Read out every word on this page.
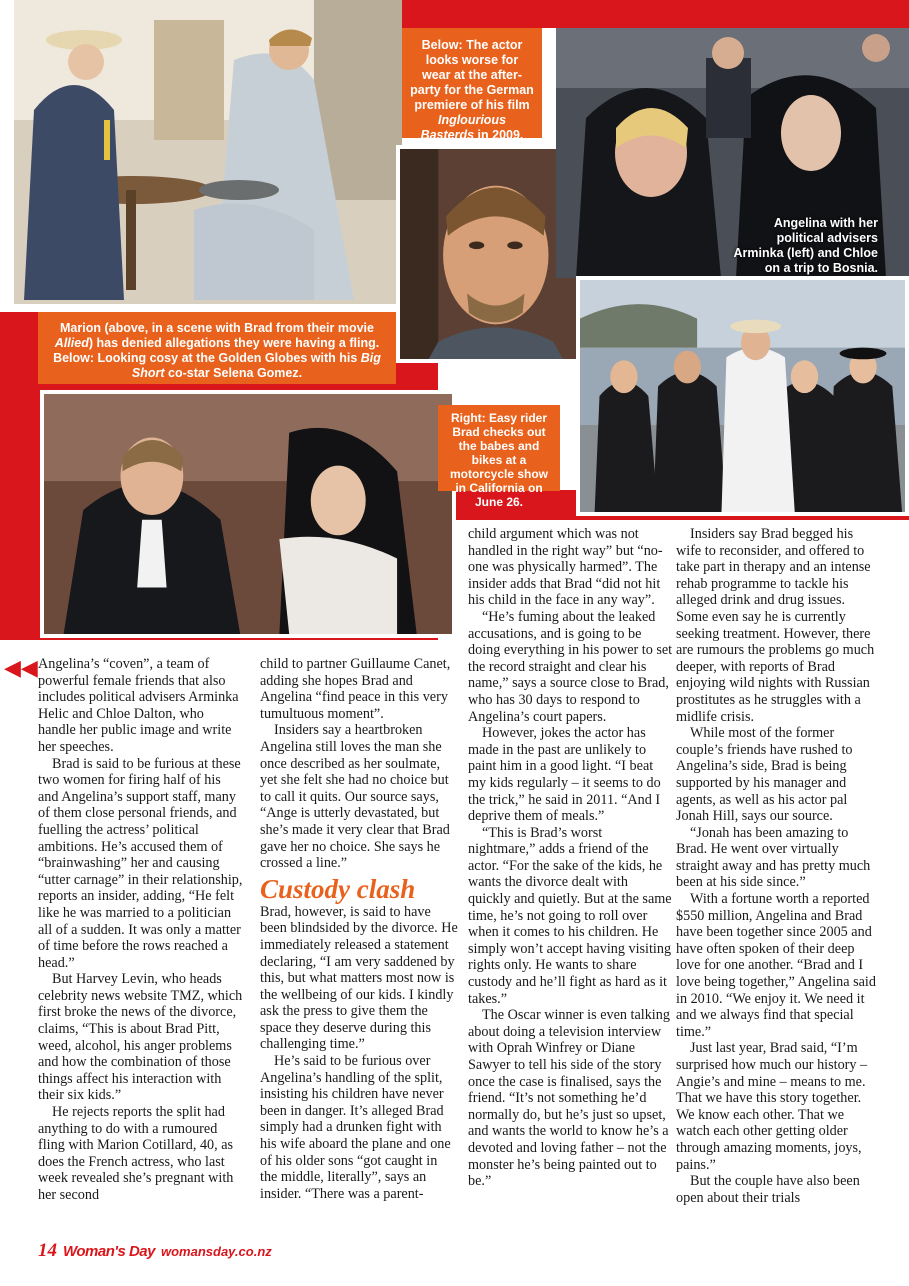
Below: The actor looks worse for wear at the after-party for the German premiere of his film Inglourious Basterds in 2009.
Angelina with her political advisers Arminka (left) and Chloe on a trip to Bosnia.
Marion (above, in a scene with Brad from their movie Allied) has denied allegations they were having a fling. Below: Looking cosy at the Golden Globes with his Big Short co-star Selena Gomez.
Right: Easy rider Brad checks out the babes and bikes at a motorcycle show in California on June 26.
◀◀ Angelina’s “coven”, a team of powerful female friends that also includes political advisers Arminka Helic and Chloe Dalton, who handle her public image and write her speeches.

Brad is said to be furious at these two women for firing half of his and Angelina’s support staff, many of them close personal friends, and fuelling the actress’ political ambitions. He’s accused them of “brainwashing” her and causing “utter carnage” in their relationship, reports an insider, adding, “He felt like he was married to a politician all of a sudden. It was only a matter of time before the rows reached a head.”

But Harvey Levin, who heads celebrity news website TMZ, which first broke the news of the divorce, claims, “This is about Brad Pitt, weed, alcohol, his anger problems and how the combination of those things affect his interaction with their six kids.”

He rejects reports the split had anything to do with a rumoured fling with Marion Cotillard, 40, as does the French actress, who last week revealed she’s pregnant with her second

child to partner Guillaume Canet, adding she hopes Brad and Angelina “find peace in this very tumultuous moment”.

Insiders say a heartbroken Angelina still loves the man she once described as her soulmate, yet she felt she had no choice but to call it quits. Our source says, “Ange is utterly devastated, but she’s made it very clear that Brad gave her no choice. She says he crossed a line.”

Custody clash

Brad, however, is said to have been blindsided by the divorce. He immediately released a statement declaring, “I am very saddened by this, but what matters most now is the wellbeing of our kids. I kindly ask the press to give them the space they deserve during this challenging time.”

He’s said to be furious over Angelina’s handling of the split, insisting his children have never been in danger. It’s alleged Brad simply had a drunken fight with his wife aboard the plane and one of his older sons “got caught in the middle, literally”, says an insider. “There was a parent-

child argument which was not handled in the right way” but “no-one was physically harmed”. The insider adds that Brad “did not hit his child in the face in any way”.

“He’s fuming about the leaked accusations, and is going to be doing everything in his power to set the record straight and clear his name,” says a source close to Brad, who has 30 days to respond to Angelina’s court papers.

However, jokes the actor has made in the past are unlikely to paint him in a good light. “I beat my kids regularly – it seems to do the trick,” he said in 2011. “And I deprive them of meals.”

“This is Brad’s worst nightmare,” adds a friend of the actor. “For the sake of the kids, he wants the divorce dealt with quickly and quietly. But at the same time, he’s not going to roll over when it comes to his children. He simply won’t accept having visiting rights only. He wants to share custody and he’ll fight as hard as it takes.”

The Oscar winner is even talking about doing a television interview with Oprah Winfrey or Diane Sawyer to tell his side of the story once the case is finalised, says the friend. “It’s not something he’d normally do, but he’s just so upset, and wants the world to know he’s a devoted and loving father – not the monster he’s being painted out to be.”

Insiders say Brad begged his wife to reconsider, and offered to take part in therapy and an intense rehab programme to tackle his alleged drink and drug issues. Some even say he is currently seeking treatment. However, there are rumours the problems go much deeper, with reports of Brad enjoying wild nights with Russian prostitutes as he struggles with a midlife crisis.

While most of the former couple’s friends have rushed to Angelina’s side, Brad is being supported by his manager and agents, as well as his actor pal Jonah Hill, says our source.

“Jonah has been amazing to Brad. He went over virtually straight away and has pretty much been at his side since.”

With a fortune worth a reported $550 million, Angelina and Brad have been together since 2005 and have often spoken of their deep love for one another. “Brad and I love being together,” Angelina said in 2010. “We enjoy it. We need it and we always find that special time.”

Just last year, Brad said, “I’m surprised how much our history – Angie’s and mine – means to me. That we have this story together. We know each other. That we watch each other getting older through amazing moments, joys, pains.”

But the couple have also been open about their trials

14 Woman's Day womansday.co.nz
